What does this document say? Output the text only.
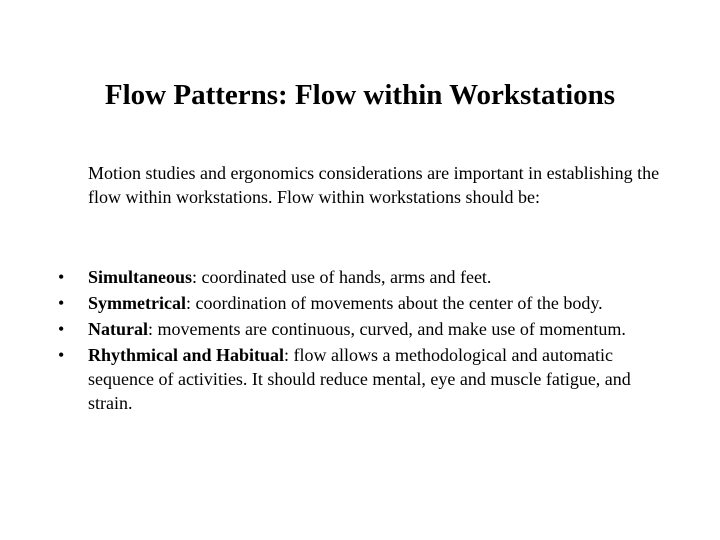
Flow Patterns: Flow within Workstations

Motion studies and ergonomics considerations are important in establishing the flow within workstations. Flow within workstations should be:

• Simultaneous: coordinated use of hands, arms and feet.
• Symmetrical: coordination of movements about the center of the body.
• Natural: movements are continuous, curved, and make use of momentum.
• Rhythmical and Habitual: flow allows a methodological and automatic sequence of activities. It should reduce mental, eye and muscle fatigue, and strain.
